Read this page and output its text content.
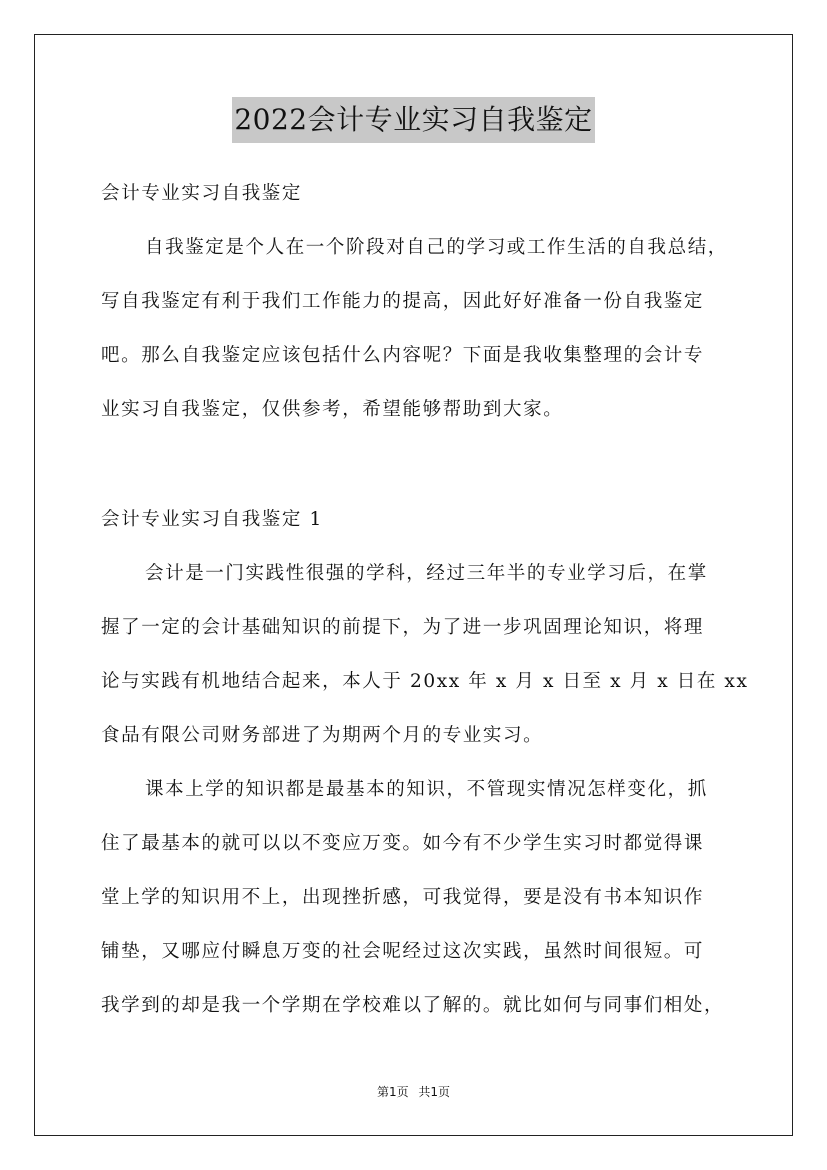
2022会计专业实习自我鉴定
会计专业实习自我鉴定
自我鉴定是个人在一个阶段对自己的学习或工作生活的自我总结，
写自我鉴定有利于我们工作能力的提高，因此好好准备一份自我鉴定
吧。那么自我鉴定应该包括什么内容呢？下面是我收集整理的会计专
业实习自我鉴定，仅供参考，希望能够帮助到大家。
会计专业实习自我鉴定 1
会计是一门实践性很强的学科，经过三年半的专业学习后，在掌
握了一定的会计基础知识的前提下，为了进一步巩固理论知识，将理
论与实践有机地结合起来，本人于 20xx 年 x 月 x 日至 x 月 x 日在 xx
食品有限公司财务部进了为期两个月的专业实习。
课本上学的知识都是最基本的知识，不管现实情况怎样变化，抓
住了最基本的就可以以不变应万变。如今有不少学生实习时都觉得课
堂上学的知识用不上，出现挫折感，可我觉得，要是没有书本知识作
铺垫，又哪应付瞬息万变的社会呢经过这次实践，虽然时间很短。可
我学到的却是我一个学期在学校难以了解的。就比如何与同事们相处，
第1页 共1页
